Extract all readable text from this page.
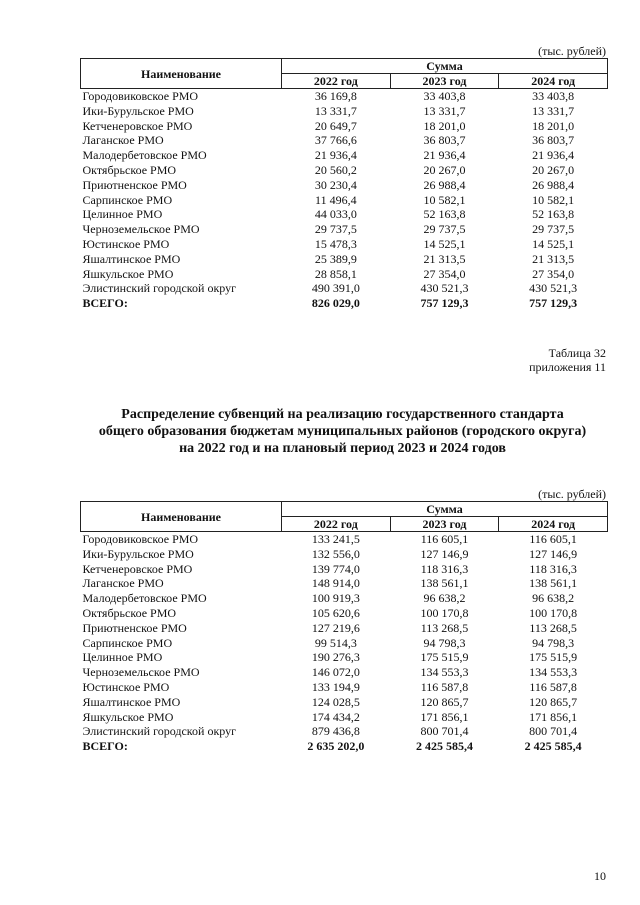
(тыс. рублей)
Наименование	Сумма		
	2022 год	2023 год	2024 год
Городовиковское РМО	36 169,8	33 403,8	33 403,8
Ики-Бурульское РМО	13 331,7	13 331,7	13 331,7
Кетченеровское РМО	20 649,7	18 201,0	18 201,0
Лаганское РМО	37 766,6	36 803,7	36 803,7
Малодербетовское РМО	21 936,4	21 936,4	21 936,4
Октябрьское РМО	20 560,2	20 267,0	20 267,0
Приютненское РМО	30 230,4	26 988,4	26 988,4
Сарпинское РМО	11 496,4	10 582,1	10 582,1
Целинное РМО	44 033,0	52 163,8	52 163,8
Черноземельское РМО	29 737,5	29 737,5	29 737,5
Юстинское РМО	15 478,3	14 525,1	14 525,1
Яшалтинское РМО	25 389,9	21 313,5	21 313,5
Яшкульское РМО	28 858,1	27 354,0	27 354,0
Элистинский городской округ	490 391,0	430 521,3	430 521,3
ВСЕГО:	826 029,0	757 129,3	757 129,3
Таблица 32
приложения 11
Распределение субвенций на реализацию государственного стандарта
общего образования бюджетам муниципальных районов (городского округа)
на 2022 год и на плановый период 2023 и 2024 годов
(тыс. рублей)
Наименование	Сумма		
	2022 год	2023 год	2024 год
Городовиковское РМО	133 241,5	116 605,1	116 605,1
Ики-Бурульское РМО	132 556,0	127 146,9	127 146,9
Кетченеровское РМО	139 774,0	118 316,3	118 316,3
Лаганское РМО	148 914,0	138 561,1	138 561,1
Малодербетовское РМО	100 919,3	96 638,2	96 638,2
Октябрьское РМО	105 620,6	100 170,8	100 170,8
Приютненское РМО	127 219,6	113 268,5	113 268,5
Сарпинское РМО	99 514,3	94 798,3	94 798,3
Целинное РМО	190 276,3	175 515,9	175 515,9
Черноземельское РМО	146 072,0	134 553,3	134 553,3
Юстинское РМО	133 194,9	116 587,8	116 587,8
Яшалтинское РМО	124 028,5	120 865,7	120 865,7
Яшкульское РМО	174 434,2	171 856,1	171 856,1
Элистинский городской округ	879 436,8	800 701,4	800 701,4
ВСЕГО:	2 635 202,0	2 425 585,4	2 425 585,4
10
